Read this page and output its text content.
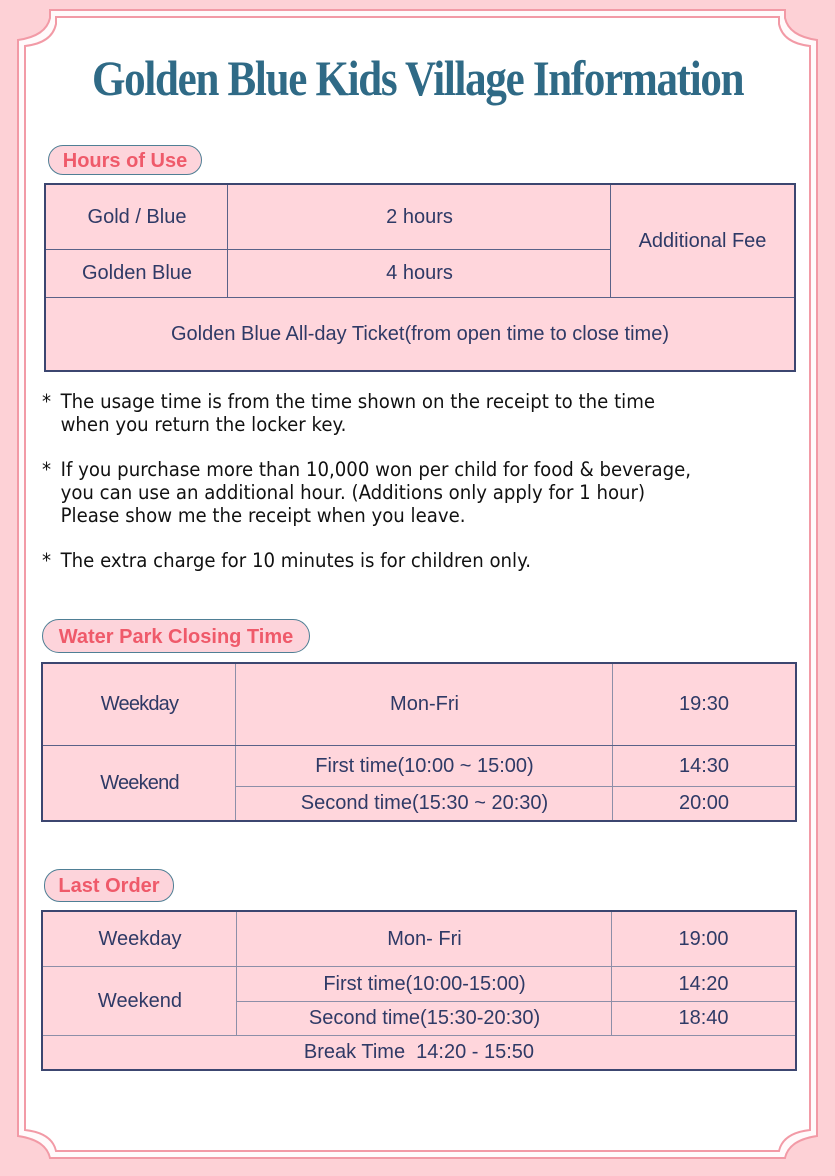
Golden Blue Kids Village Information
Hours of Use
Gold / Blue	2 hours
Golden Blue	4 hours
Additional Fee
Golden Blue All-day Ticket(from open time to close time)
* The usage time is from the time shown on the receipt to the time
when you return the locker key.
* If you purchase more than 10,000 won per child for food & beverage,
you can use an additional hour. (Additions only apply for 1 hour)
Please show me the receipt when you leave.
* The extra charge for 10 minutes is for children only.
Water Park Closing Time
Weekday	Mon-Fri	19:30
Weekend
First time(10:00 ~ 15:00)	14:30
Second time(15:30 ~ 20:30)	20:00
Last Order
Weekday	Mon- Fri	19:00
Weekend
First time(10:00-15:00)	14:20
Second time(15:30-20:30)	18:40
Break Time  14:20 - 15:50
